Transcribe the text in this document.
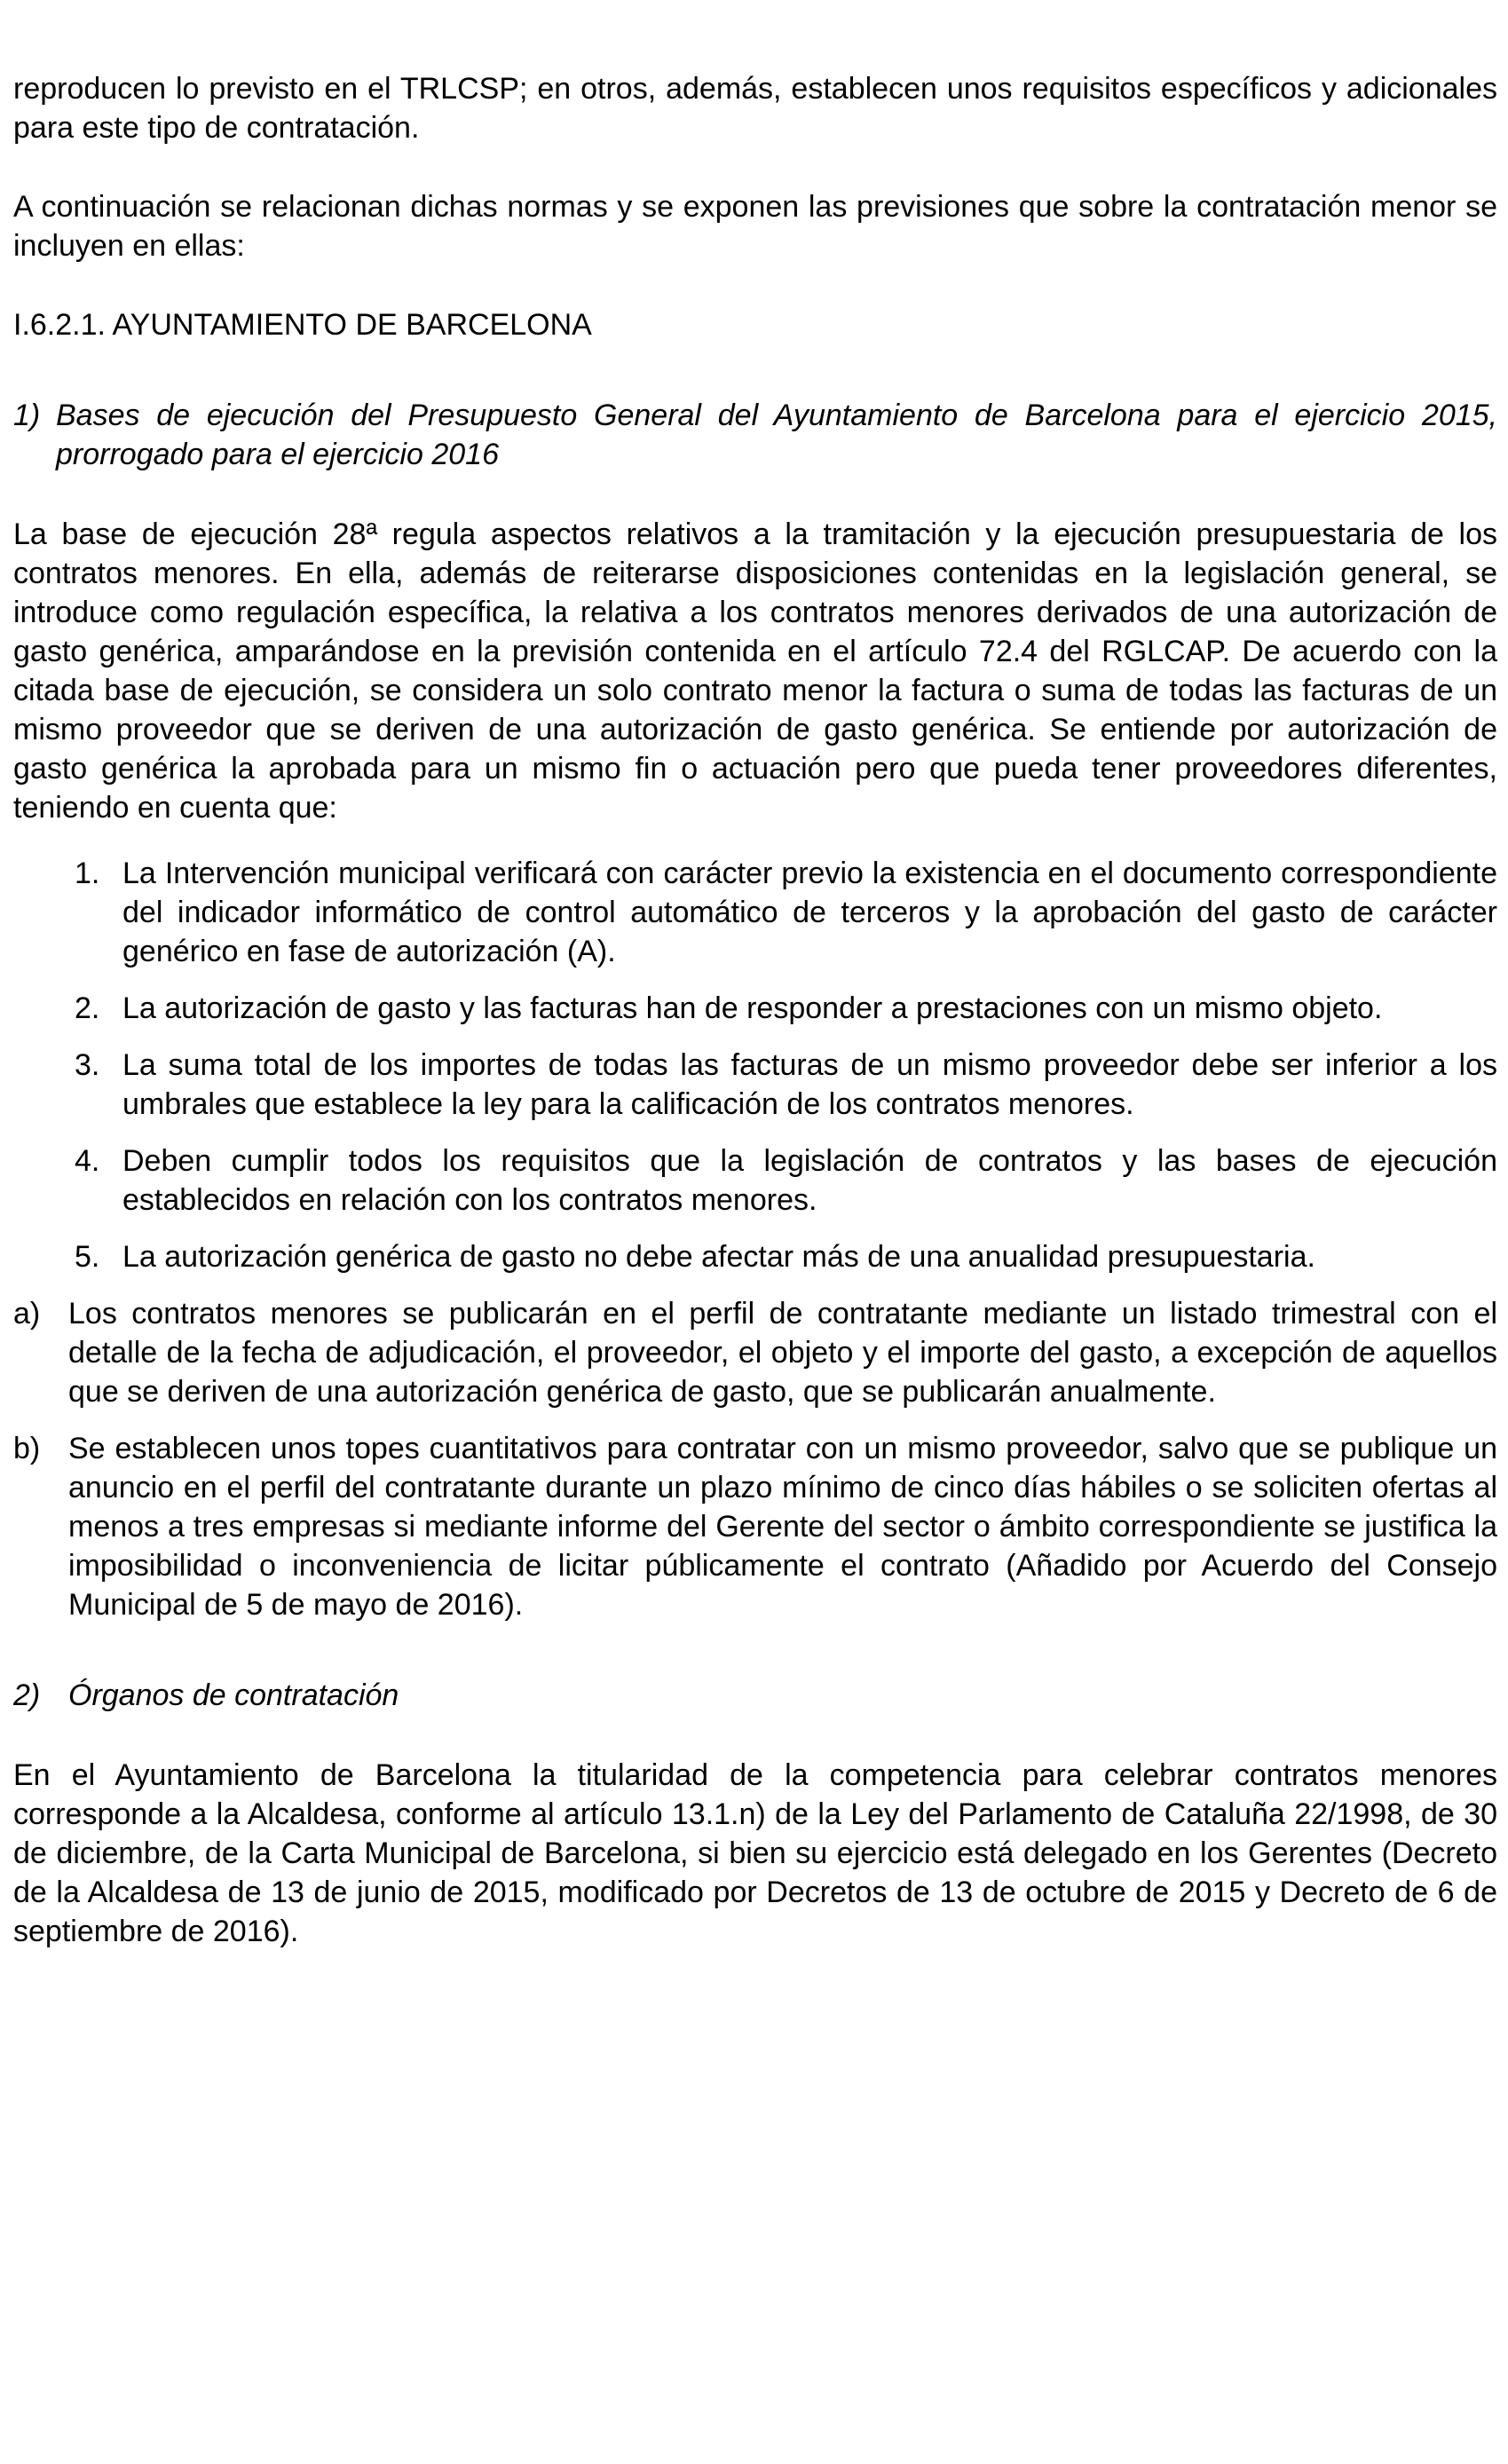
reproducen lo previsto en el TRLCSP; en otros, además, establecen unos requisitos específicos y adicionales para este tipo de contratación.

A continuación se relacionan dichas normas y se exponen las previsiones que sobre la contratación menor se incluyen en ellas:

I.6.2.1. AYUNTAMIENTO DE BARCELONA

1) Bases de ejecución del Presupuesto General del Ayuntamiento de Barcelona para el ejercicio 2015, prorrogado para el ejercicio 2016

La base de ejecución 28ª regula aspectos relativos a la tramitación y la ejecución presupuestaria de los contratos menores. En ella, además de reiterarse disposiciones contenidas en la legislación general, se introduce como regulación específica, la relativa a los contratos menores derivados de una autorización de gasto genérica, amparándose en la previsión contenida en el artículo 72.4 del RGLCAP. De acuerdo con la citada base de ejecución, se considera un solo contrato menor la factura o suma de todas las facturas de un mismo proveedor que se deriven de una autorización de gasto genérica. Se entiende por autorización de gasto genérica la aprobada para un mismo fin o actuación pero que pueda tener proveedores diferentes, teniendo en cuenta que:

1. La Intervención municipal verificará con carácter previo la existencia en el documento correspondiente del indicador informático de control automático de terceros y la aprobación del gasto de carácter genérico en fase de autorización (A).
2. La autorización de gasto y las facturas han de responder a prestaciones con un mismo objeto.
3. La suma total de los importes de todas las facturas de un mismo proveedor debe ser inferior a los umbrales que establece la ley para la calificación de los contratos menores.
4. Deben cumplir todos los requisitos que la legislación de contratos y las bases de ejecución establecidos en relación con los contratos menores.
5. La autorización genérica de gasto no debe afectar más de una anualidad presupuestaria.
a) Los contratos menores se publicarán en el perfil de contratante mediante un listado trimestral con el detalle de la fecha de adjudicación, el proveedor, el objeto y el importe del gasto, a excepción de aquellos que se deriven de una autorización genérica de gasto, que se publicarán anualmente.
b) Se establecen unos topes cuantitativos para contratar con un mismo proveedor, salvo que se publique un anuncio en el perfil del contratante durante un plazo mínimo de cinco días hábiles o se soliciten ofertas al menos a tres empresas si mediante informe del Gerente del sector o ámbito correspondiente se justifica la imposibilidad o inconveniencia de licitar públicamente el contrato (Añadido por Acuerdo del Consejo Municipal de 5 de mayo de 2016).

2) Órganos de contratación

En el Ayuntamiento de Barcelona la titularidad de la competencia para celebrar contratos menores corresponde a la Alcaldesa, conforme al artículo 13.1.n) de la Ley del Parlamento de Cataluña 22/1998, de 30 de diciembre, de la Carta Municipal de Barcelona, si bien su ejercicio está delegado en los Gerentes (Decreto de la Alcaldesa de 13 de junio de 2015, modificado por Decretos de 13 de octubre de 2015 y Decreto de 6 de septiembre de 2016).
